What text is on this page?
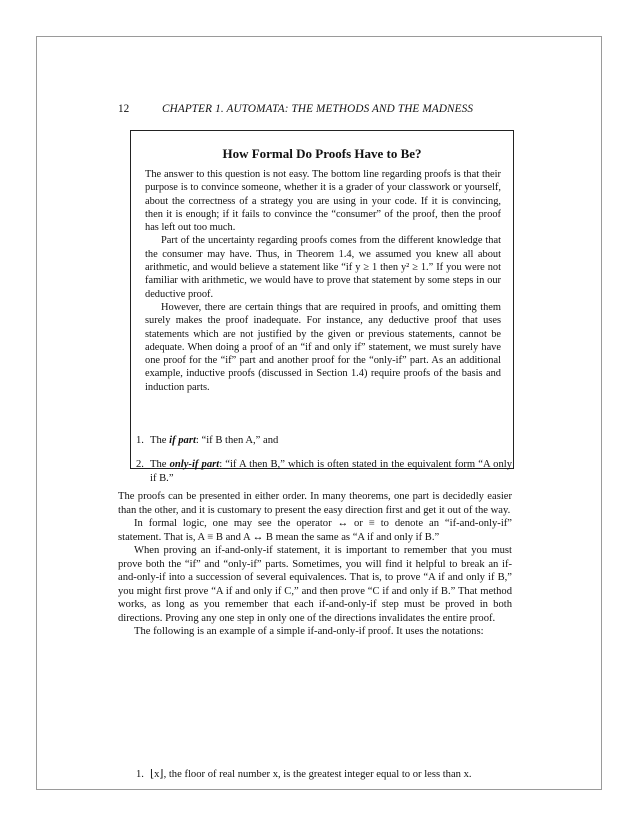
12	CHAPTER 1. AUTOMATA: THE METHODS AND THE MADNESS
How Formal Do Proofs Have to Be?

The answer to this question is not easy. The bottom line regarding proofs is that their purpose is to convince someone, whether it is a grader of your classwork or yourself, about the correctness of a strategy you are using in your code. If it is convincing, then it is enough; if it fails to convince the “consumer” of the proof, then the proof has left out too much.

Part of the uncertainty regarding proofs comes from the different knowledge that the consumer may have. Thus, in Theorem 1.4, we assumed you knew all about arithmetic, and would believe a statement like “if y ≥ 1 then y² ≥ 1.” If you were not familiar with arithmetic, we would have to prove that statement by some steps in our deductive proof.

However, there are certain things that are required in proofs, and omitting them surely makes the proof inadequate. For instance, any deductive proof that uses statements which are not justified by the given or previous statements, cannot be adequate. When doing a proof of an “if and only if” statement, we must surely have one proof for the “if” part and another proof for the “only-if” part. As an additional example, inductive proofs (discussed in Section 1.4) require proofs of the basis and induction parts.

1. The if part: “if B then A,” and
2. The only-if part: “if A then B,” which is often stated in the equivalent form “A only if B.”

The proofs can be presented in either order. In many theorems, one part is decidedly easier than the other, and it is customary to present the easy direction first and get it out of the way.

In formal logic, one may see the operator ↔ or ≡ to denote an “if-and-only-if” statement. That is, A ≡ B and A ↔ B mean the same as “A if and only if B.”

When proving an if-and-only-if statement, it is important to remember that you must prove both the “if” and “only-if” parts. Sometimes, you will find it helpful to break an if-and-only-if into a succession of several equivalences. That is, to prove “A if and only if B,” you might first prove “A if and only if C,” and then prove “C if and only if B.” That method works, as long as you remember that each if-and-only-if step must be proved in both directions. Proving any one step in only one of the directions invalidates the entire proof.

The following is an example of a simple if-and-only-if proof. It uses the notations:

1. ⌊x⌋, the floor of real number x, is the greatest integer equal to or less than x.
